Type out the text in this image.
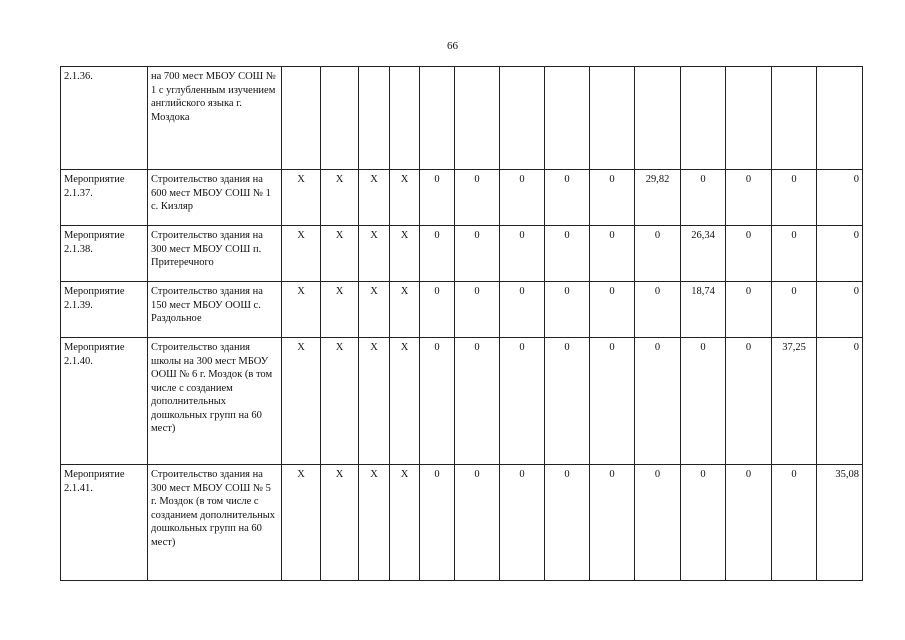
66
2.1.36.	на 700 мест МБОУ СОШ № 1 с углубленным изучением английского языка г. Моздока														
Мероприятие 2.1.37.	Строительство здания на 600 мест МБОУ СОШ № 1 с. Кизляр	X	X	X	X	0	0	0	0	0	29,82	0	0	0	0
Мероприятие 2.1.38.	Строительство здания на 300 мест МБОУ СОШ п. Притеречного	X	X	X	X	0	0	0	0	0	0	26,34	0	0	0
Мероприятие 2.1.39.	Строительство здания на 150 мест МБОУ ООШ с. Раздольное	X	X	X	X	0	0	0	0	0	0	18,74	0	0	0
Мероприятие 2.1.40.	Строительство здания школы на 300 мест МБОУ ООШ № 6 г. Моздок (в том числе с созданием дополнительных дошкольных групп на 60 мест)	X	X	X	X	0	0	0	0	0	0	0	0	37,25	0
Мероприятие 2.1.41.	Строительство здания на 300 мест МБОУ СОШ № 5 г. Моздок (в том числе с созданием дополнительных дошкольных групп на 60 мест)	X	X	X	X	0	0	0	0	0	0	0	0	0	35,08
